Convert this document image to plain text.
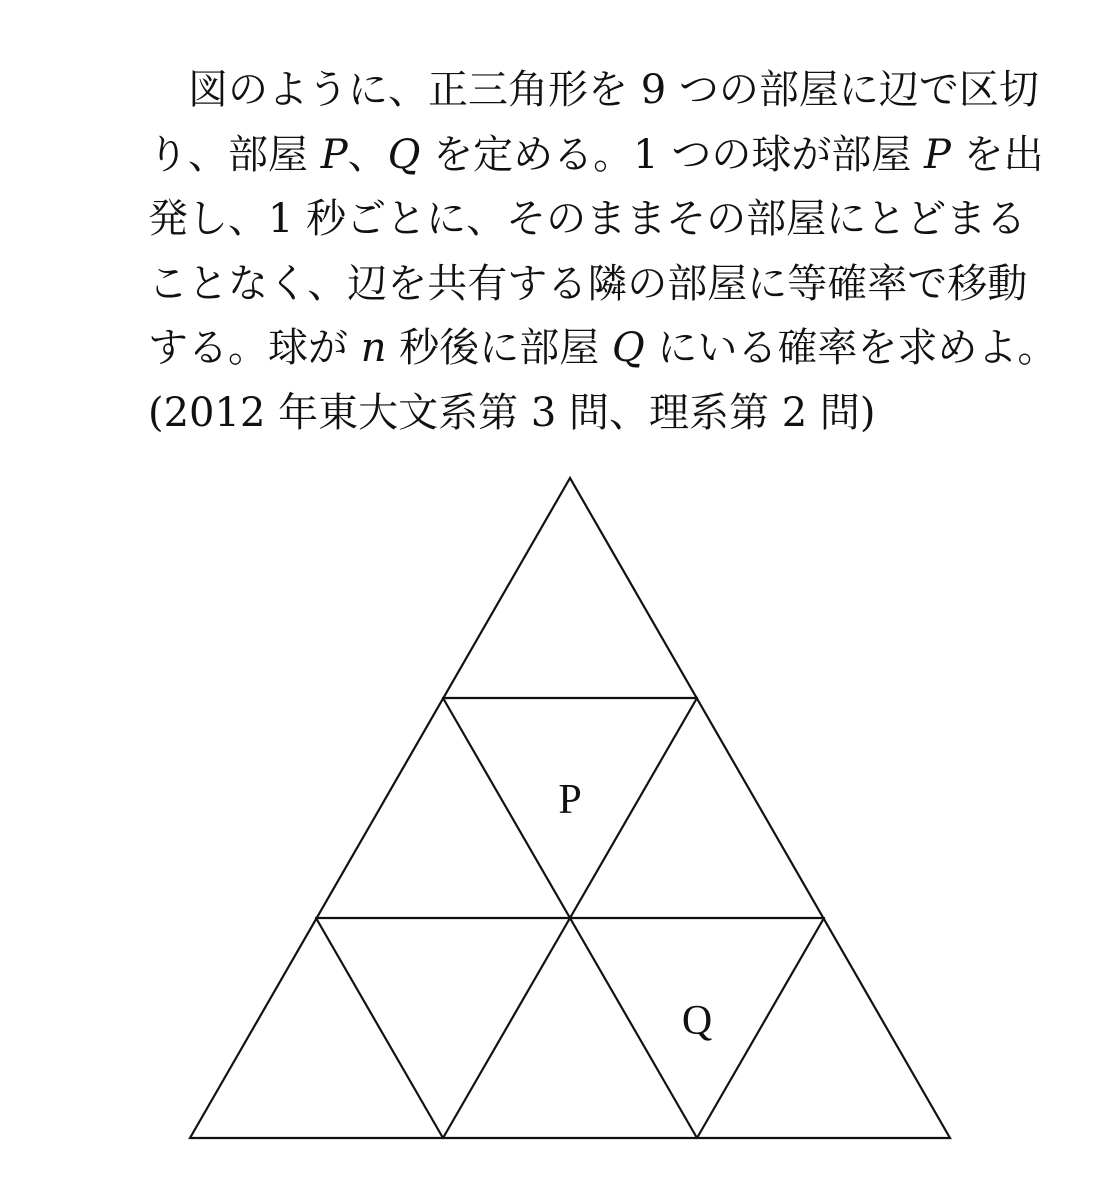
図のように、正三角形を 9 つの部屋に辺で区切

り、部屋 P、Q を定める。1 つの球が部屋 P を出

発し、1 秒ごとに、そのままその部屋にとどまる

ことなく、辺を共有する隣の部屋に等確率で移動

する。球が n 秒後に部屋 Q にいる確率を求めよ。

(2012 年東大文系第 3 問、理系第 2 問)

P
Q
